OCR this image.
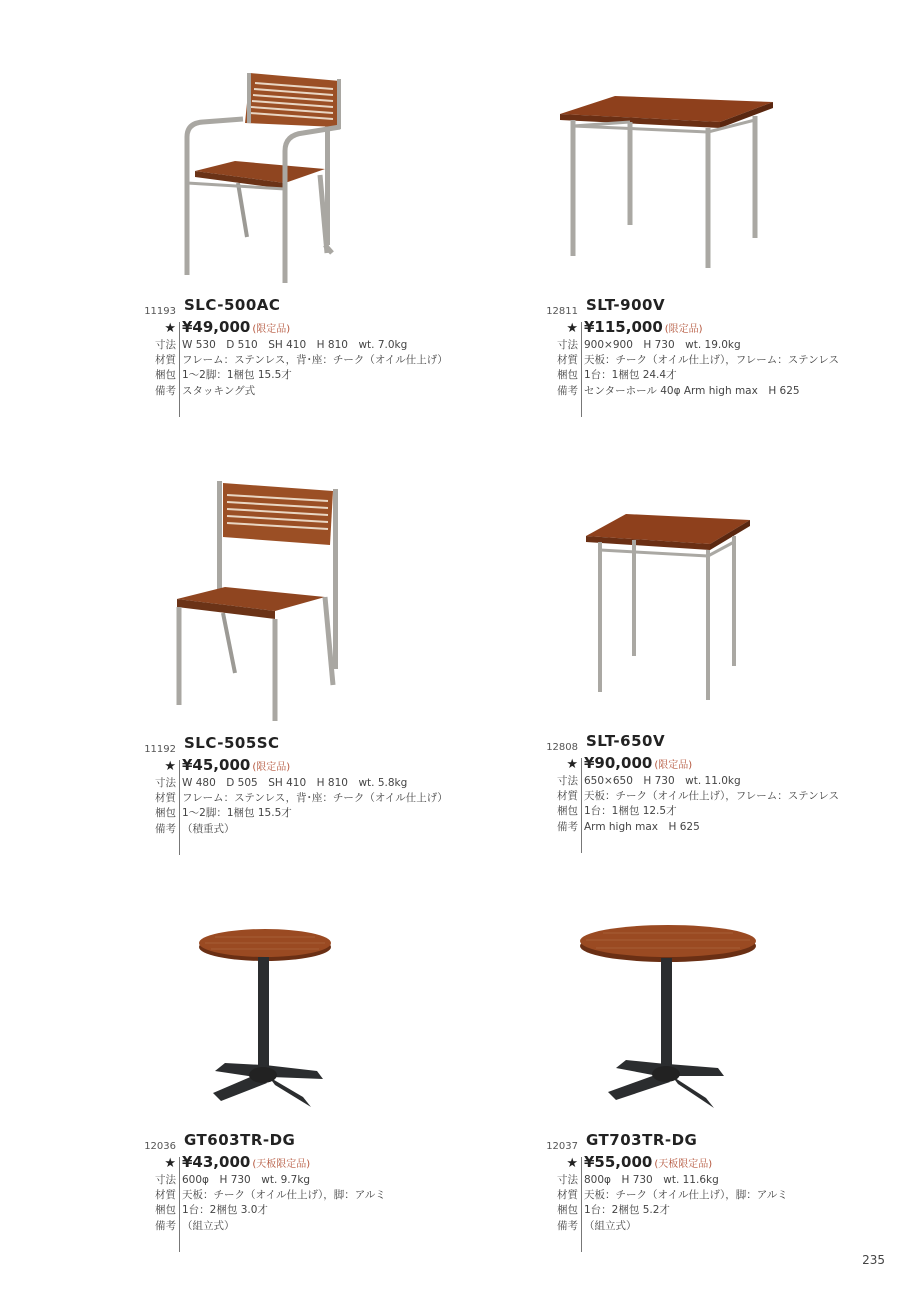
11193 SLC-500AC
★ ¥49,000 (限定品)
寸法 W 530　D 510　SH 410　H 810　wt. 7.0kg
材質 フレーム：ステンレス，背･座：チーク（オイル仕上げ）
梱包 1～2脚：1梱包 15.5才
備考 スタッキング式
12811 SLT-900V
★ ¥115,000 (限定品)
寸法 900×900　H 730　wt. 19.0kg
材質 天板：チーク（オイル仕上げ），フレーム：ステンレス
梱包 1台：1梱包 24.4才
備考 センターホール 40φ Arm high max　H 625
11192 SLC-505SC
★ ¥45,000 (限定品)
寸法 W 480　D 505　SH 410　H 810　wt. 5.8kg
材質 フレーム：ステンレス，背･座：チーク（オイル仕上げ）
梱包 1～2脚：1梱包 15.5才
備考 （積重式）
12808 SLT-650V
★ ¥90,000 (限定品)
寸法 650×650　H 730　wt. 11.0kg
材質 天板：チーク（オイル仕上げ），フレーム：ステンレス
梱包 1台：1梱包 12.5才
備考 Arm high max　H 625
12036 GT603TR-DG
★ ¥43,000 (天板限定品)
寸法 600φ　H 730　wt. 9.7kg
材質 天板：チーク（オイル仕上げ），脚：アルミ
梱包 1台：2梱包 3.0才
備考 （組立式）
12037 GT703TR-DG
★ ¥55,000 (天板限定品)
寸法 800φ　H 730　wt. 11.6kg
材質 天板：チーク（オイル仕上げ），脚：アルミ
梱包 1台：2梱包 5.2才
備考 （組立式）
235
